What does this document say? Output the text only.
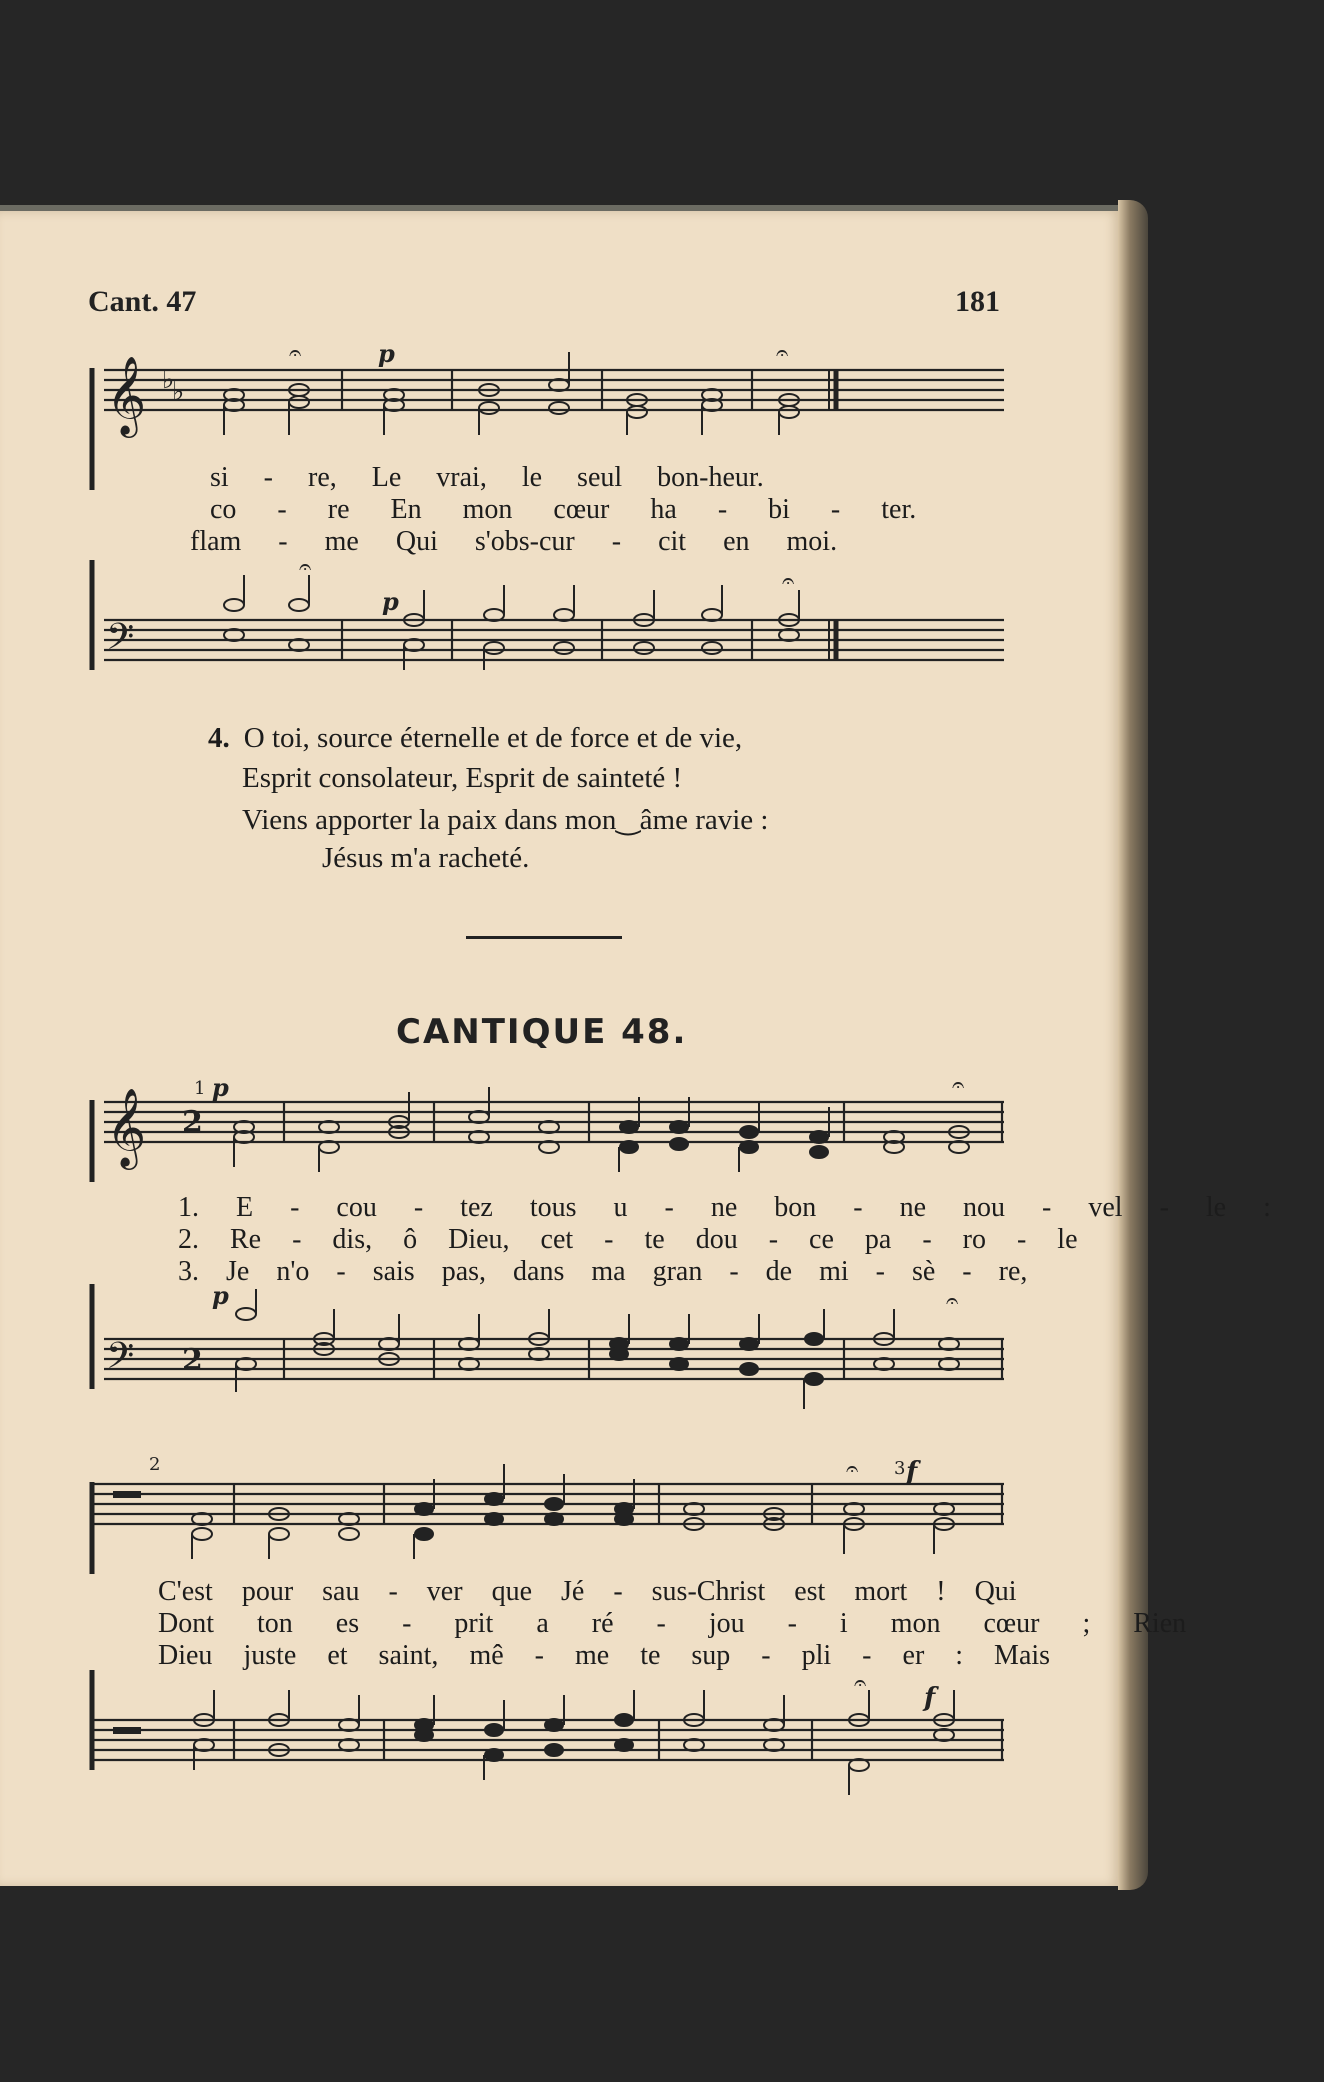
Cant. 47	181
𝄞 ♭
♭
𝄐	𝄐
p
si - re, Le vrai, le seul bon-heur.
co - re En mon cœur ha - bi - ter.
flam - me Qui s'obs-cur - cit en moi.
𝄢
𝄐
𝄐
p
4. O toi, source éternelle et de force et de vie,
Esprit consolateur, Esprit de sainteté !
Viens apporter la paix dans mon‿âme ravie :
Jésus m'a racheté.
CANTIQUE 48.
𝄞 2
1 p	𝄐
1. E - cou - tez tous u - ne bon - ne nou - vel - le :
2. Re - dis, ô Dieu, cet - te dou - ce pa - ro - le
3. Je n'o - sais pas, dans ma gran - de mi - sè - re,
𝄢 2
p	𝄐
2	3 f
𝄐
C'est pour sau - ver que Jé - sus-Christ est mort ! Qui
Dont ton es - prit a ré - jou - i mon cœur ; Rien
Dieu juste et saint, mê - me te sup - pli - er : Mais
f
𝄐
